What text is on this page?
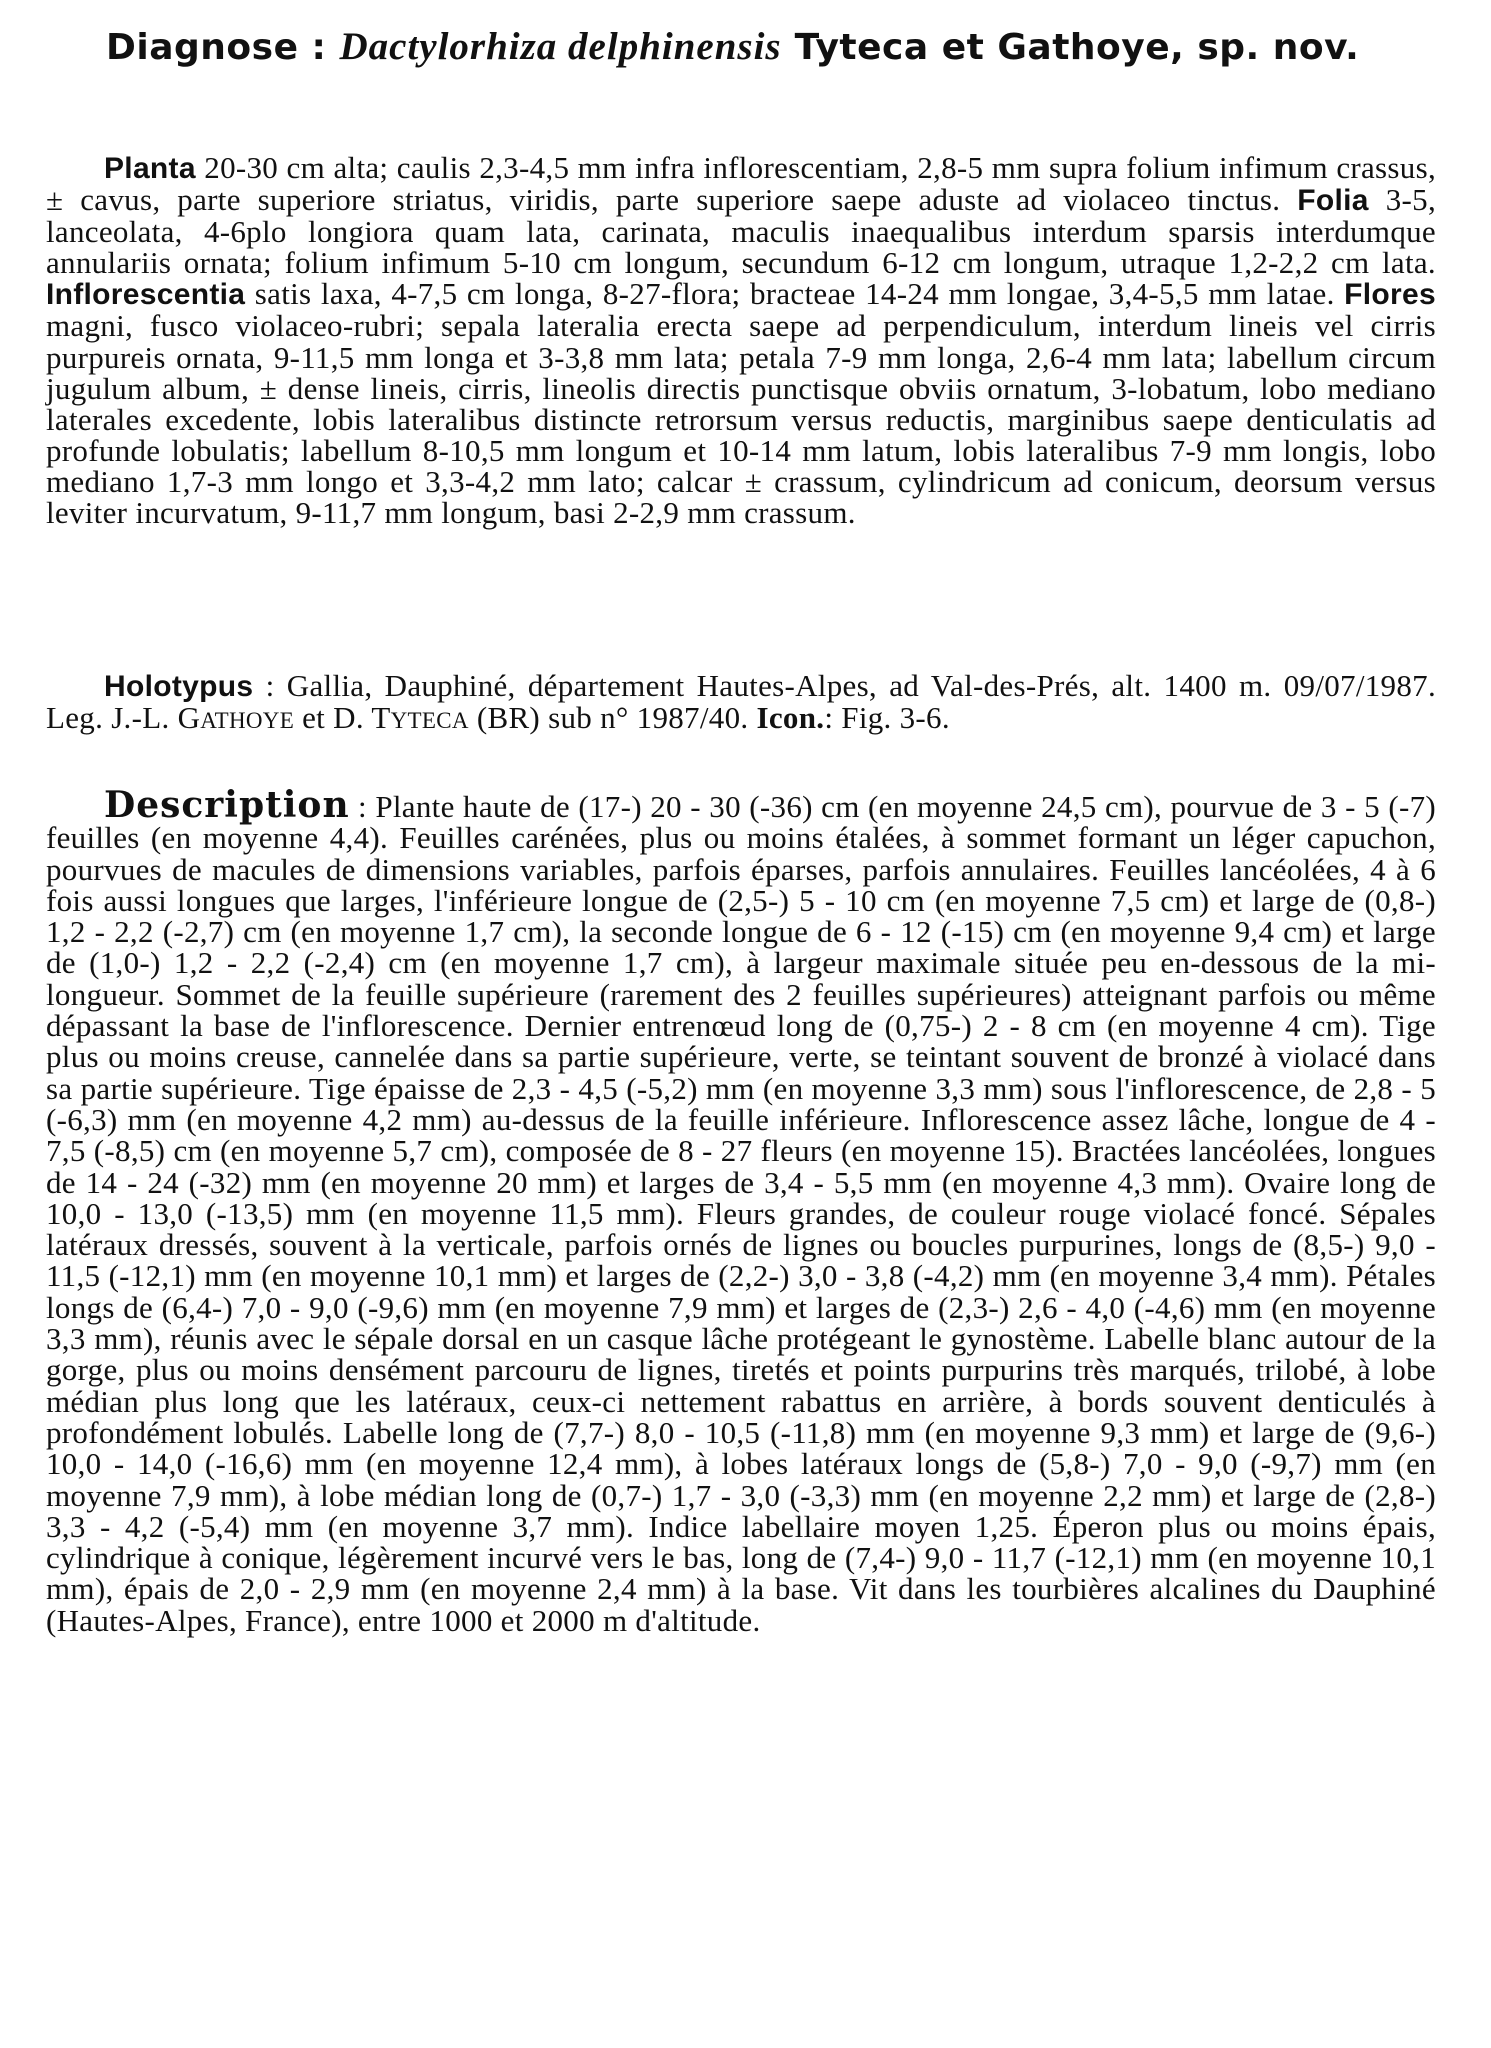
Diagnose : Dactylorhiza delphinensis Tyteca et Gathoye, sp. nov.
Planta 20-30 cm alta; caulis 2,3-4,5 mm infra inflorescentiam, 2,8-5 mm supra folium infimum crassus, ± cavus, parte superiore striatus, viridis, parte superiore saepe aduste ad violaceo tinctus. Folia 3-5, lanceolata, 4-6plo longiora quam lata, carinata, maculis inaequalibus interdum sparsis interdumque annulariis ornata; folium infimum 5-10 cm longum, secundum 6-12 cm longum, utraque 1,2-2,2 cm lata. Inflorescentia satis laxa, 4-7,5 cm longa, 8-27-flora; bracteae 14-24 mm longae, 3,4-5,5 mm latae. Flores magni, fusco violaceo-rubri; sepala lateralia erecta saepe ad perpendiculum, interdum lineis vel cirris purpureis ornata, 9-11,5 mm longa et 3-3,8 mm lata; petala 7-9 mm longa, 2,6-4 mm lata; labellum circum jugulum album, ± dense lineis, cirris, lineolis directis punctisque obviis ornatum, 3-lobatum, lobo mediano laterales excedente, lobis lateralibus distincte retrorsum versus reductis, marginibus saepe denticulatis ad profunde lobulatis; labellum 8-10,5 mm longum et 10-14 mm latum, lobis lateralibus 7-9 mm longis, lobo mediano 1,7-3 mm longo et 3,3-4,2 mm lato; calcar ± crassum, cylindricum ad conicum, deorsum versus leviter incurvatum, 9-11,7 mm longum, basi 2-2,9 mm crassum.
Holotypus : Gallia, Dauphiné, département Hautes-Alpes, ad Val-des-Prés, alt. 1400 m. 09/07/1987. Leg. J.-L. GATHOYE et D. TYTECA (BR) sub n° 1987/40. Icon.: Fig. 3-6.
Description : Plante haute de (17-) 20 - 30 (-36) cm (en moyenne 24,5 cm), pourvue de 3 - 5 (-7) feuilles (en moyenne 4,4). Feuilles carénées, plus ou moins étalées, à sommet formant un léger capuchon, pourvues de macules de dimensions variables, parfois éparses, parfois annulaires. Feuilles lancéolées, 4 à 6 fois aussi longues que larges, l'inférieure longue de (2,5-) 5 - 10 cm (en moyenne 7,5 cm) et large de (0,8-) 1,2 - 2,2 (-2,7) cm (en moyenne 1,7 cm), la seconde longue de 6 - 12 (-15) cm (en moyenne 9,4 cm) et large de (1,0-) 1,2 - 2,2 (-2,4) cm (en moyenne 1,7 cm), à largeur maximale située peu en-dessous de la mi-longueur. Sommet de la feuille supérieure (rarement des 2 feuilles supérieures) atteignant parfois ou même dépassant la base de l'inflorescence. Dernier entrenœud long de (0,75-) 2 - 8 cm (en moyenne 4 cm). Tige plus ou moins creuse, cannelée dans sa partie supérieure, verte, se teintant souvent de bronzé à violacé dans sa partie supérieure. Tige épaisse de 2,3 - 4,5 (-5,2) mm (en moyenne 3,3 mm) sous l'inflorescence, de 2,8 - 5 (-6,3) mm (en moyenne 4,2 mm) au-dessus de la feuille inférieure. Inflorescence assez lâche, longue de 4 - 7,5 (-8,5) cm (en moyenne 5,7 cm), composée de 8 - 27 fleurs (en moyenne 15). Bractées lancéolées, longues de 14 - 24 (-32) mm (en moyenne 20 mm) et larges de 3,4 - 5,5 mm (en moyenne 4,3 mm). Ovaire long de 10,0 - 13,0 (-13,5) mm (en moyenne 11,5 mm). Fleurs grandes, de couleur rouge violacé foncé. Sépales latéraux dressés, souvent à la verticale, parfois ornés de lignes ou boucles purpurines, longs de (8,5-) 9,0 - 11,5 (-12,1) mm (en moyenne 10,1 mm) et larges de (2,2-) 3,0 - 3,8 (-4,2) mm (en moyenne 3,4 mm). Pétales longs de (6,4-) 7,0 - 9,0 (-9,6) mm (en moyenne 7,9 mm) et larges de (2,3-) 2,6 - 4,0 (-4,6) mm (en moyenne 3,3 mm), réunis avec le sépale dorsal en un casque lâche protégeant le gynostème. Labelle blanc autour de la gorge, plus ou moins densément parcouru de lignes, tiretés et points purpurins très marqués, trilobé, à lobe médian plus long que les latéraux, ceux-ci nettement rabattus en arrière, à bords souvent denticulés à profondément lobulés. Labelle long de (7,7-) 8,0 - 10,5 (-11,8) mm (en moyenne 9,3 mm) et large de (9,6-) 10,0 - 14,0 (-16,6) mm (en moyenne 12,4 mm), à lobes latéraux longs de (5,8-) 7,0 - 9,0 (-9,7) mm (en moyenne 7,9 mm), à lobe médian long de (0,7-) 1,7 - 3,0 (-3,3) mm (en moyenne 2,2 mm) et large de (2,8-) 3,3 - 4,2 (-5,4) mm (en moyenne 3,7 mm). Indice labellaire moyen 1,25. Éperon plus ou moins épais, cylindrique à conique, légèrement incurvé vers le bas, long de (7,4-) 9,0 - 11,7 (-12,1) mm (en moyenne 10,1 mm), épais de 2,0 - 2,9 mm (en moyenne 2,4 mm) à la base. Vit dans les tourbières alcalines du Dauphiné (Hautes-Alpes, France), entre 1000 et 2000 m d'altitude.
